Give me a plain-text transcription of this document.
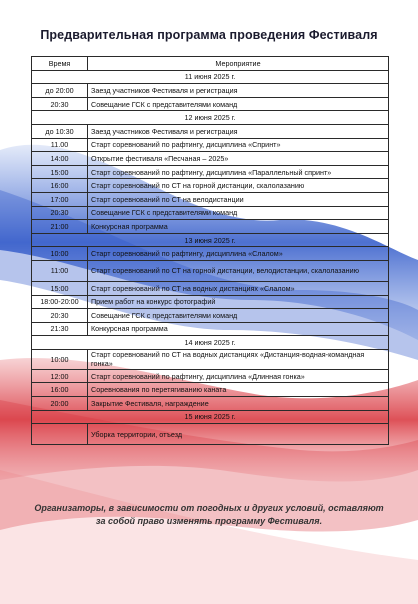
Предварительная программа проведения Фестиваля
Время	Мероприятие
11 июня 2025 г.	
до 20:00	Заезд участников Фестиваля и регистрация
20:30	Совещание ГСК с представителями команд
12 июня 2025 г.	
до 10:30	Заезд участников Фестиваля и регистрация
11.00	Старт соревнований по рафтингу, дисциплина «Спринт»
14:00	Открытие фестиваля «Песчаная – 2025»
15:00	Старт соревнований по рафтингу, дисциплина «Параллельный спринт»
16:00	Старт соревнований по СТ на горной дистанции, скалолазанию
17:00	Старт соревнований по СТ на велодистанции
20:30	Совещание ГСК с представителями команд
21:00	Конкурсная программа
13 июня 2025 г.	
10:00	Старт соревнований по рафтингу, дисциплина «Слалом»
11:00	Старт соревнований по СТ на горной дистанции, велодистанции, скалолазанию
15:00	Старт соревнований по СТ на водных дистанциях «Слалом»
18:00-20:00	Прием работ на конкурс фотографий
20:30	Совещание ГСК с представителями команд
21:30	Конкурсная программа
14 июня 2025 г.	
10:00	Старт соревнований по СТ на водных дистанциях «Дистанция-водная-командная гонка»
12:00	Старт соревнований по рафтингу, дисциплина «Длинная гонка»
16:00	Соревнования по перетягиванию каната
20:00	Закрытие Фестиваля, награждение
15 июня 2025 г.	
	Уборка территории, отъезд
Организаторы, в зависимости от погодных и других условий, оставляют за собой право изменять программу Фестиваля.
